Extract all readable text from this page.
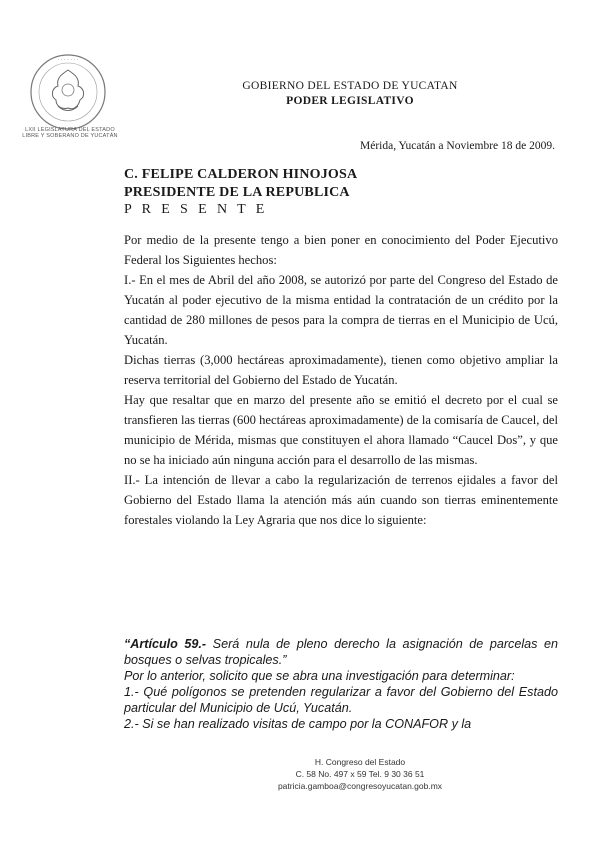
· · · · · · ·
LXII LEGISLATURA DEL ESTADO LIBRE Y SOBERANO DE YUCATÁN
GOBIERNO DEL ESTADO DE YUCATAN
PODER LEGISLATIVO
Mérida, Yucatán a Noviembre 18 de 2009.
C. FELIPE CALDERON HINOJOSA
PRESIDENTE DE LA REPUBLICA
P R E S E N T E

Por medio de la presente tengo a bien poner en conocimiento del Poder Ejecutivo Federal los Siguientes hechos:

I.- En el mes de Abril del año 2008, se autorizó por parte del Congreso del Estado de Yucatán al poder ejecutivo de la misma entidad la contratación de un crédito por la cantidad de 280 millones de pesos para la compra de tierras en el Municipio de Ucú, Yucatán.

Dichas tierras (3,000 hectáreas aproximadamente), tienen como objetivo ampliar la reserva territorial del Gobierno del Estado de Yucatán.

Hay que resaltar que en marzo del presente año se emitió el decreto por el cual se transfieren las tierras (600 hectáreas aproximadamente) de la comisaría de Caucel, del municipio de Mérida, mismas que constituyen el ahora llamado “Caucel Dos”, y que no se ha iniciado aún ninguna acción para el desarrollo de las mismas.

II.- La intención de llevar a cabo la regularización de terrenos ejidales a favor del Gobierno del Estado llama la atención más aún cuando son tierras eminentemente forestales violando la Ley Agraria que nos dice lo siguiente:

“Artículo 59.- Será nula de pleno derecho la asignación de parcelas en bosques o selvas tropicales.”

Por lo anterior, solicito que se abra una investigación para determinar:

1.- Qué polígonos se pretenden regularizar a favor del Gobierno del Estado particular del Municipio de Ucú, Yucatán.

2.- Si se han realizado visitas de campo por la CONAFOR y la

H. Congreso del Estado
C. 58 No. 497 x 59 Tel. 9 30 36 51
patricia.gamboa@congresoyucatan.gob.mx
